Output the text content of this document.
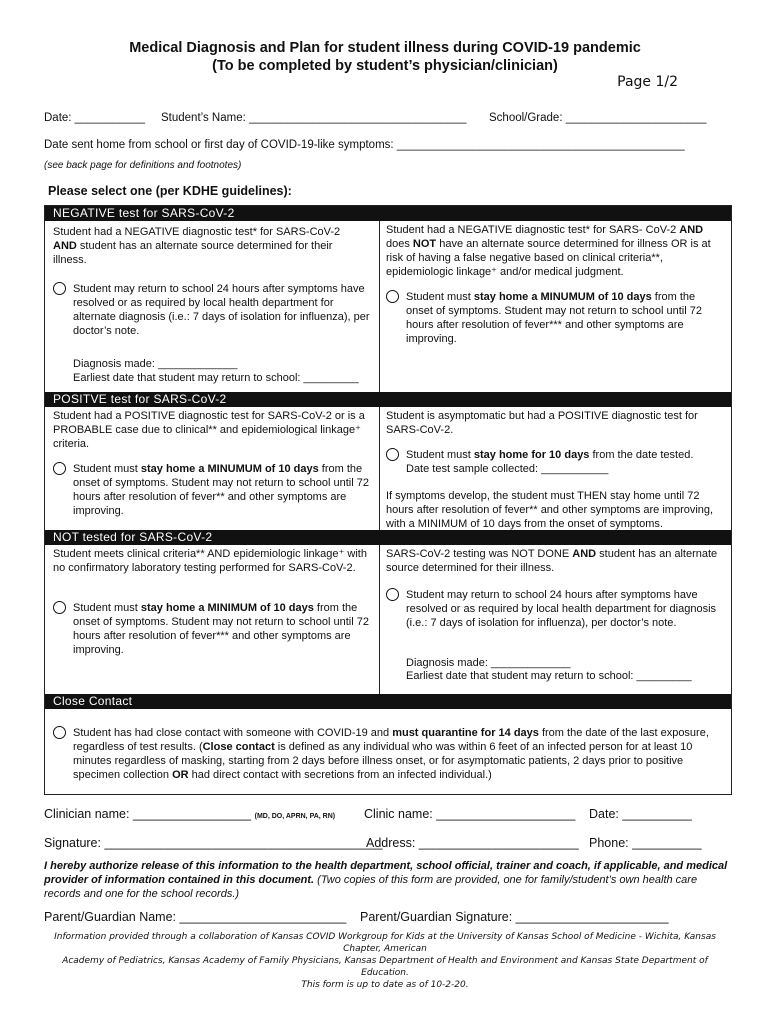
Medical Diagnosis and Plan for student illness during COVID-19 pandemic
(To be completed by student’s physician/clinician)
Page 1/2
Date: ___________ Student’s Name: __________________________________ School/Grade: ______________________
Date sent home from school or first day of COVID-19-like symptoms: _____________________________________________
(see back page for definitions and footnotes)
Please select one (per KDHE guidelines):
NEGATIVE test for SARS-CoV-2
Student had a NEGATIVE diagnostic test* for SARS-CoV-2
AND student has an alternate source determined for their
illness.
Student may return to school 24 hours after symptoms have resolved or as required by local health department for alternate diagnosis (i.e.: 7 days of isolation for influenza), per doctor’s note.
Diagnosis made: _____________
Earliest date that student may return to school: _________
Student had a NEGATIVE diagnostic test* for SARS- CoV-2 AND does NOT have an alternate source determined for illness OR is at risk of having a false negative based on clinical criteria**, epidemiologic linkage⁺ and/or medical judgment.
Student must stay home a MINUMUM of 10 days from the onset of symptoms. Student may not return to school until 72 hours after resolution of fever*** and other symptoms are improving.
POSITVE test for SARS-CoV-2
Student had a POSITIVE diagnostic test for SARS-CoV-2 or is a PROBABLE case due to clinical** and epidemiological linkage⁺ criteria.
Student must stay home a MINUMUM of 10 days from the onset of symptoms. Student may not return to school until 72 hours after resolution of fever** and other symptoms are improving.
Student is asymptomatic but had a POSITIVE diagnostic test for SARS-CoV-2.
Student must stay home for 10 days from the date tested.
Date test sample collected: ___________
If symptoms develop, the student must THEN stay home until 72 hours after resolution of fever** and other symptoms are improving, with a MINIMUM of 10 days from the onset of symptoms.
NOT tested for SARS-CoV-2
Student meets clinical criteria** AND epidemiologic linkage⁺ with no confirmatory laboratory testing performed for SARS-CoV-2.
Student must stay home a MINIMUM of 10 days from the onset of symptoms. Student may not return to school until 72 hours after resolution of fever*** and other symptoms are improving.
SARS-CoV-2 testing was NOT DONE AND student has an alternate source determined for their illness.
Student may return to school 24 hours after symptoms have resolved or as required by local health department for diagnosis (i.e.: 7 days of isolation for influenza), per doctor’s note.
Diagnosis made: _____________
Earliest date that student may return to school: _________
Close Contact
Student has had close contact with someone with COVID-19 and must quarantine for 14 days from the date of the last exposure, regardless of test results. (Close contact is defined as any individual who was within 6 feet of an infected person for at least 10 minutes regardless of masking, starting from 2 days before illness onset, or for asymptomatic patients, 2 days prior to positive specimen collection OR had direct contact with secretions from an infected individual.)
Clinician name: _________________ (MD, DO, APRN, PA, RN) Clinic name: ____________________ Date: __________
Signature: ________________________________________
Address: _______________________ Phone: __________
I hereby authorize release of this information to the health department, school official, trainer and coach, if applicable, and medical provider of information contained in this document. (Two copies of this form are provided, one for family/student’s own health care records and one for the school records.)
Parent/Guardian Name: ________________________ Parent/Guardian Signature: ______________________
Information provided through a collaboration of Kansas COVID Workgroup for Kids at the University of Kansas School of Medicine - Wichita, Kansas Chapter, American
Academy of Pediatrics, Kansas Academy of Family Physicians, Kansas Department of Health and Environment and Kansas State Department of Education.
This form is up to date as of 10-2-20.
